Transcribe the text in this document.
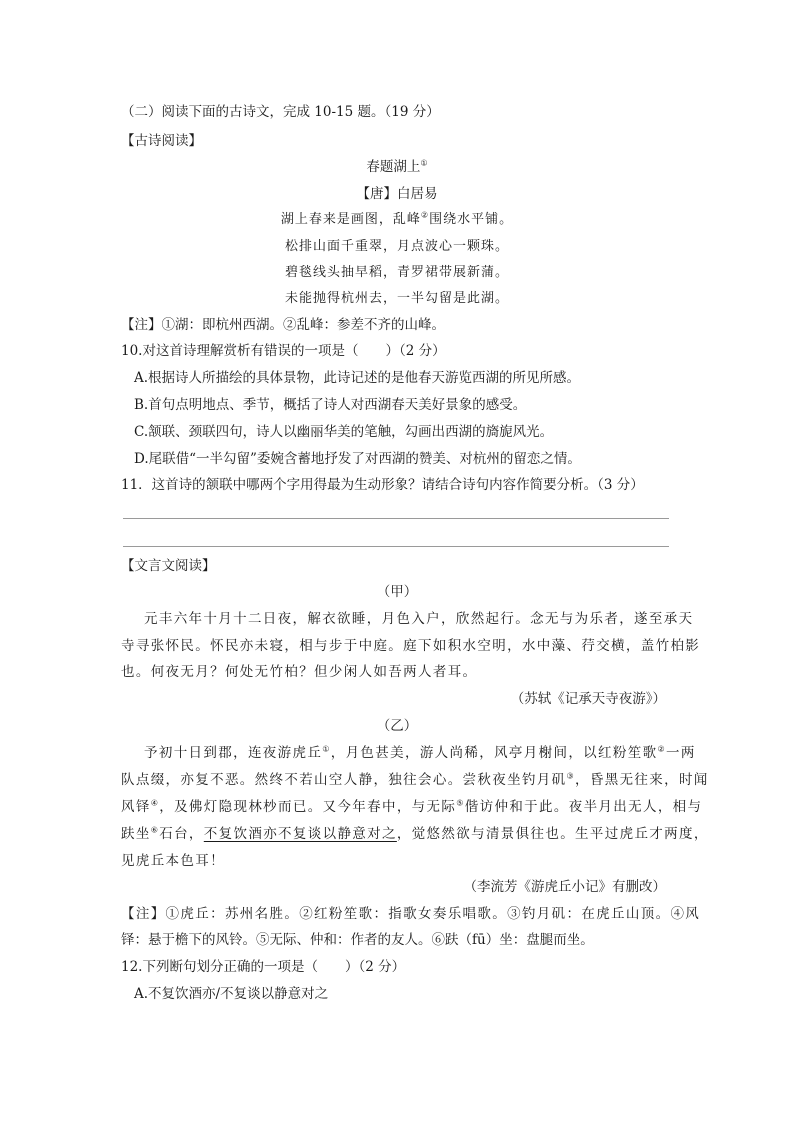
（二）阅读下面的古诗文，完成 10-15 题。（19 分）
【古诗阅读】
春题湖上①
【唐】白居易
湖上春来是画图，乱峰②围绕水平铺。
松排山面千重翠，月点波心一颗珠。
碧毯线头抽早稻，青罗裙带展新蒲。
未能抛得杭州去，一半勾留是此湖。
【注】①湖：即杭州西湖。②乱峰：参差不齐的山峰。
10.对这首诗理解赏析有错误的一项是（　　）（2 分）
A.根据诗人所描绘的具体景物，此诗记述的是他春天游览西湖的所见所感。
B.首句点明地点、季节，概括了诗人对西湖春天美好景象的感受。
C.颔联、颈联四句，诗人以幽丽华美的笔触，勾画出西湖的旖旎风光。
D.尾联借“一半勾留”委婉含蓄地抒发了对西湖的赞美、对杭州的留恋之情。
11．这首诗的颔联中哪两个字用得最为生动形象？请结合诗句内容作简要分析。（3 分）
【文言文阅读】
（甲）
元丰六年十月十二日夜，解衣欲睡，月色入户，欣然起行。念无与为乐者，遂至承天
寺寻张怀民。怀民亦未寝，相与步于中庭。庭下如积水空明，水中藻、荇交横，盖竹柏影
也。何夜无月？何处无竹柏？但少闲人如吾两人者耳。
（苏轼《记承天寺夜游》）
（乙）
予初十日到郡，连夜游虎丘①，月色甚美，游人尚稀，风亭月榭间，以红粉笙歌②一两
队点缀，亦复不恶。然终不若山空人静，独往会心。尝秋夜坐钓月矶③，昏黑无往来，时闻
风铎④，及佛灯隐现林杪而已。又今年春中，与无际⑤偕访仲和于此。夜半月出无人，相与
趺坐⑥石台，不复饮酒亦不复谈以静意对之，觉悠然欲与清景俱往也。生平过虎丘才两度，
见虎丘本色耳！
（李流芳《游虎丘小记》有删改）
【注】①虎丘：苏州名胜。②红粉笙歌：指歌女奏乐唱歌。③钓月矶：在虎丘山顶。④风
铎：悬于檐下的风铃。⑤无际、仲和：作者的友人。⑥趺（fū）坐：盘腿而坐。
12.下列断句划分正确的一项是（　　）（2 分）
A.不复饮酒亦/不复谈以静意对之
